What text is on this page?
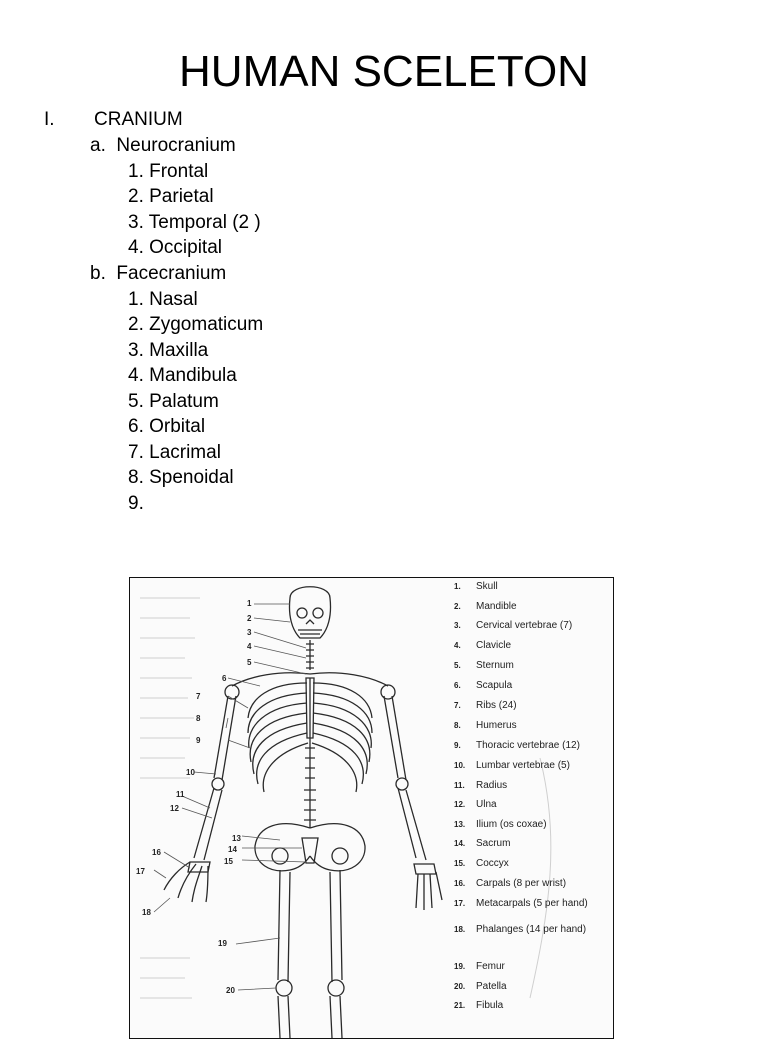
HUMAN SCELETON
I. CRANIUM
a. Neurocranium
1. Frontal
2. Parietal
3. Temporal (2 )
4. Occipital
b. Facecranium
1. Nasal
2. Zygomaticum
3. Maxilla
4. Mandibula
5. Palatum
6. Orbital
7. Lacrimal
8. Spenoidal
9.
1
2
3
4
5
6
7
8
9
10
11
12
13
14
15
16
17
18
19
20
1. Skull
2. Mandible
3. Cervical vertebrae (7)
4. Clavicle
5. Sternum
6. Scapula
7. Ribs (24)
8. Humerus
9. Thoracic vertebrae (12)
10. Lumbar vertebrae (5)
11. Radius
12. Ulna
13. Ilium (os coxae)
14. Sacrum
15. Coccyx
16. Carpals (8 per wrist)
17. Metacarpals (5 per hand)
18. Phalanges (14 per hand)
19. Femur
20. Patella
21. Fibula
